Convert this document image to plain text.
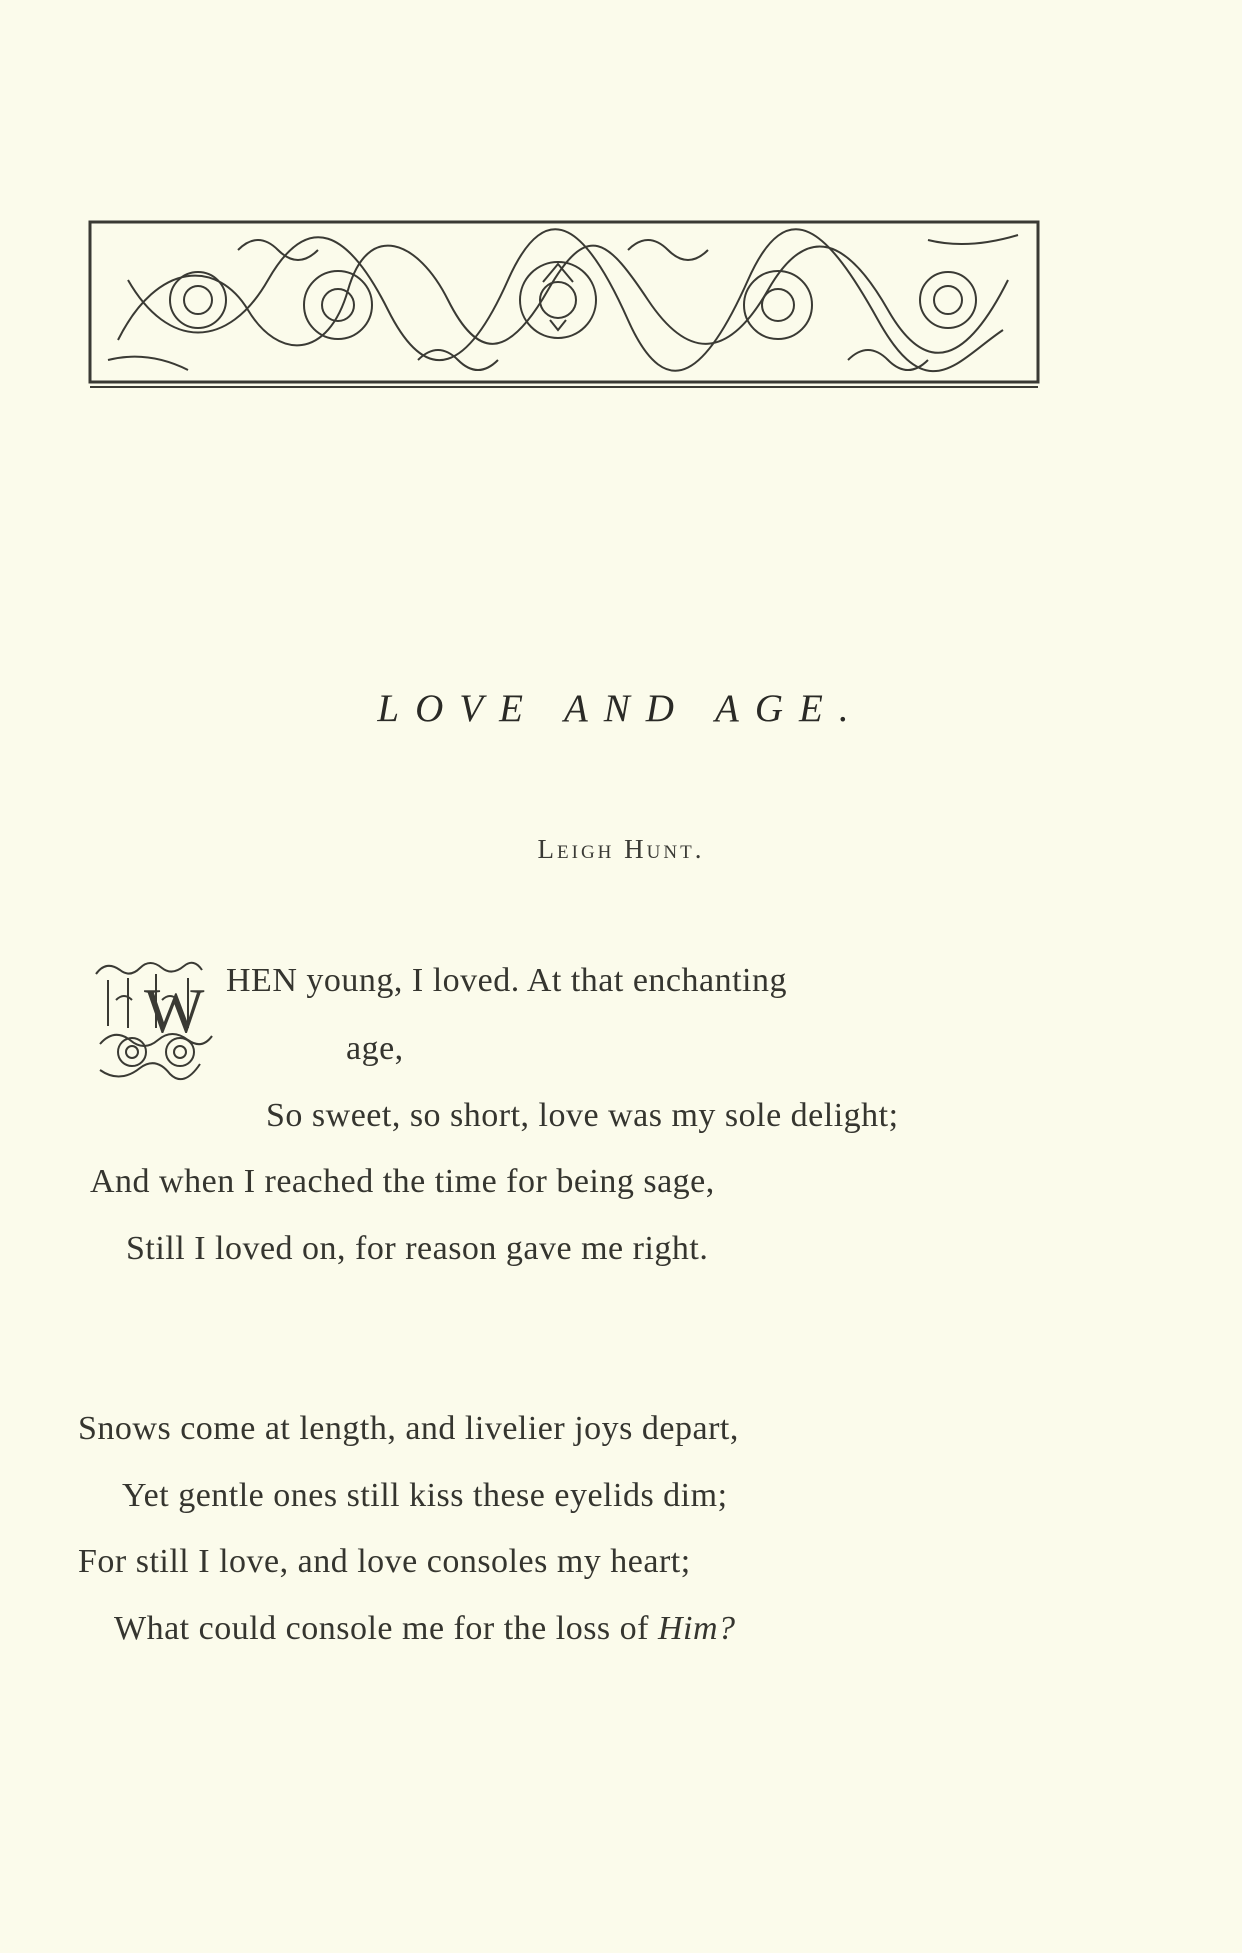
LOVE AND AGE.
Leigh Hunt.
W HEN young, I loved. At that enchanting
age,
So sweet, so short, love was my sole delight;
And when I reached the time for being sage,
Still I loved on, for reason gave me right.
Snows come at length, and livelier joys depart,
Yet gentle ones still kiss these eyelids dim;
For still I love, and love consoles my heart;
What could console me for the loss of Him?
